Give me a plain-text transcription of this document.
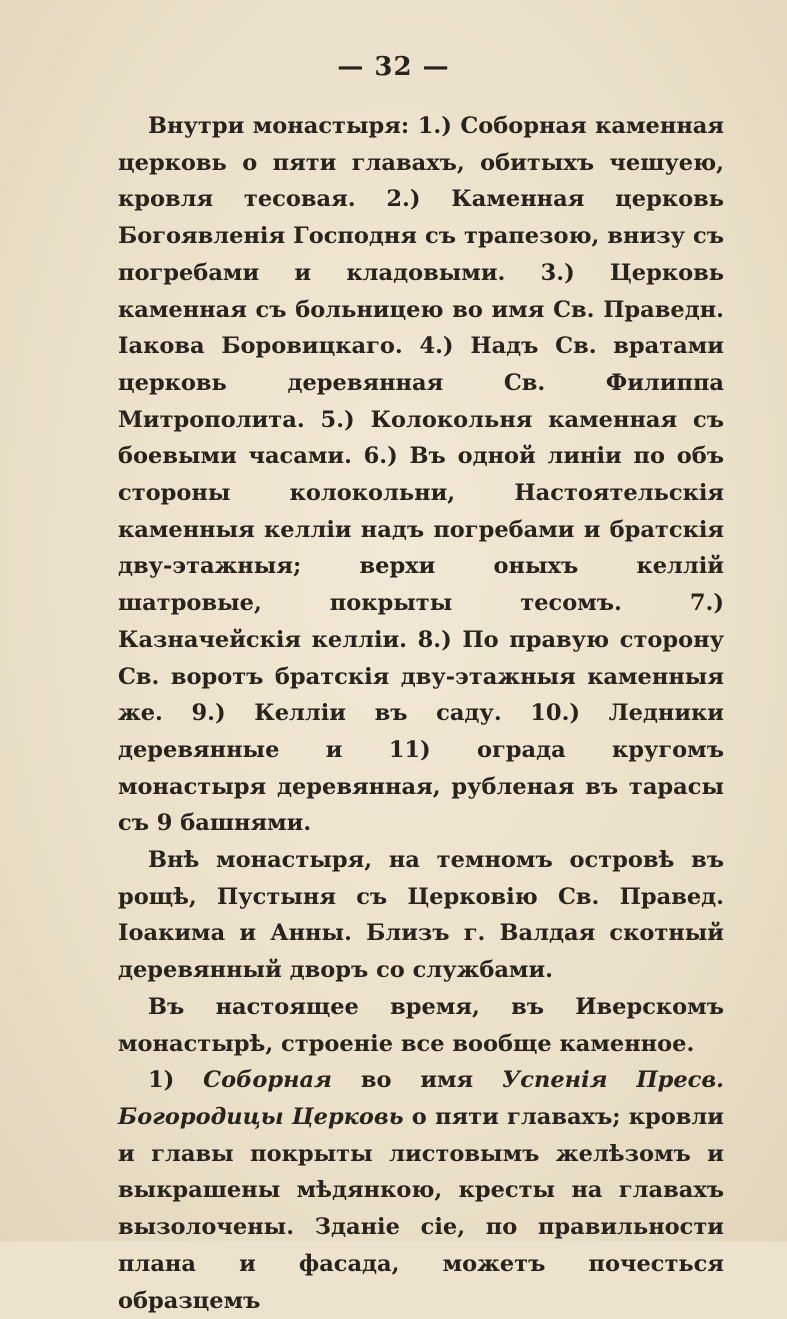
— 32 —

Внутри монастыря: 1.) Соборная каменная церковь о пяти главахъ, обитыхъ чешуею, кровля тесовая. 2.) Каменная церковь Богоявленія Господня съ трапезою, внизу съ погребами и кладовыми. 3.) Церковь каменная съ больницею во имя Св. Праведн. Іакова Боровицкаго. 4.) Надъ Св. вратами церковь деревянная Св. Филиппа Митрополита. 5.) Колокольня каменная съ боевыми часами. 6.) Въ одной линіи по объ стороны колокольни, Настоятельскія каменныя келліи надъ погребами и братскія дву-этажныя; верхи оныхъ келлій шатровые, покрыты тесомъ. 7.) Казначейскія келліи. 8.) По правую сторону Св. воротъ братскія дву-этажныя каменныя же. 9.) Келліи въ саду. 10.) Ледники деревянные и 11) ограда кругомъ монастыря деревянная, рубленая въ тарасы съ 9 башнями.

Внѣ монастыря, на темномъ островѣ въ рощѣ, Пустыня съ Церковію Св. Правед. Іоакима и Анны. Близъ г. Валдая скотный деревянный дворъ со службами.

Въ настоящее время, въ Иверскомъ монастырѣ, строеніе все вообще каменное.

1) Соборная во имя Успенія Пресв. Богородицы Церковь о пяти главахъ; кровли и главы покрыты листовымъ желѣзомъ и выкрашены мѣдянкою, кресты на главахъ вызолочены. Зданіе сіе, по правильности плана и фасада, можетъ почесться образцемъ
